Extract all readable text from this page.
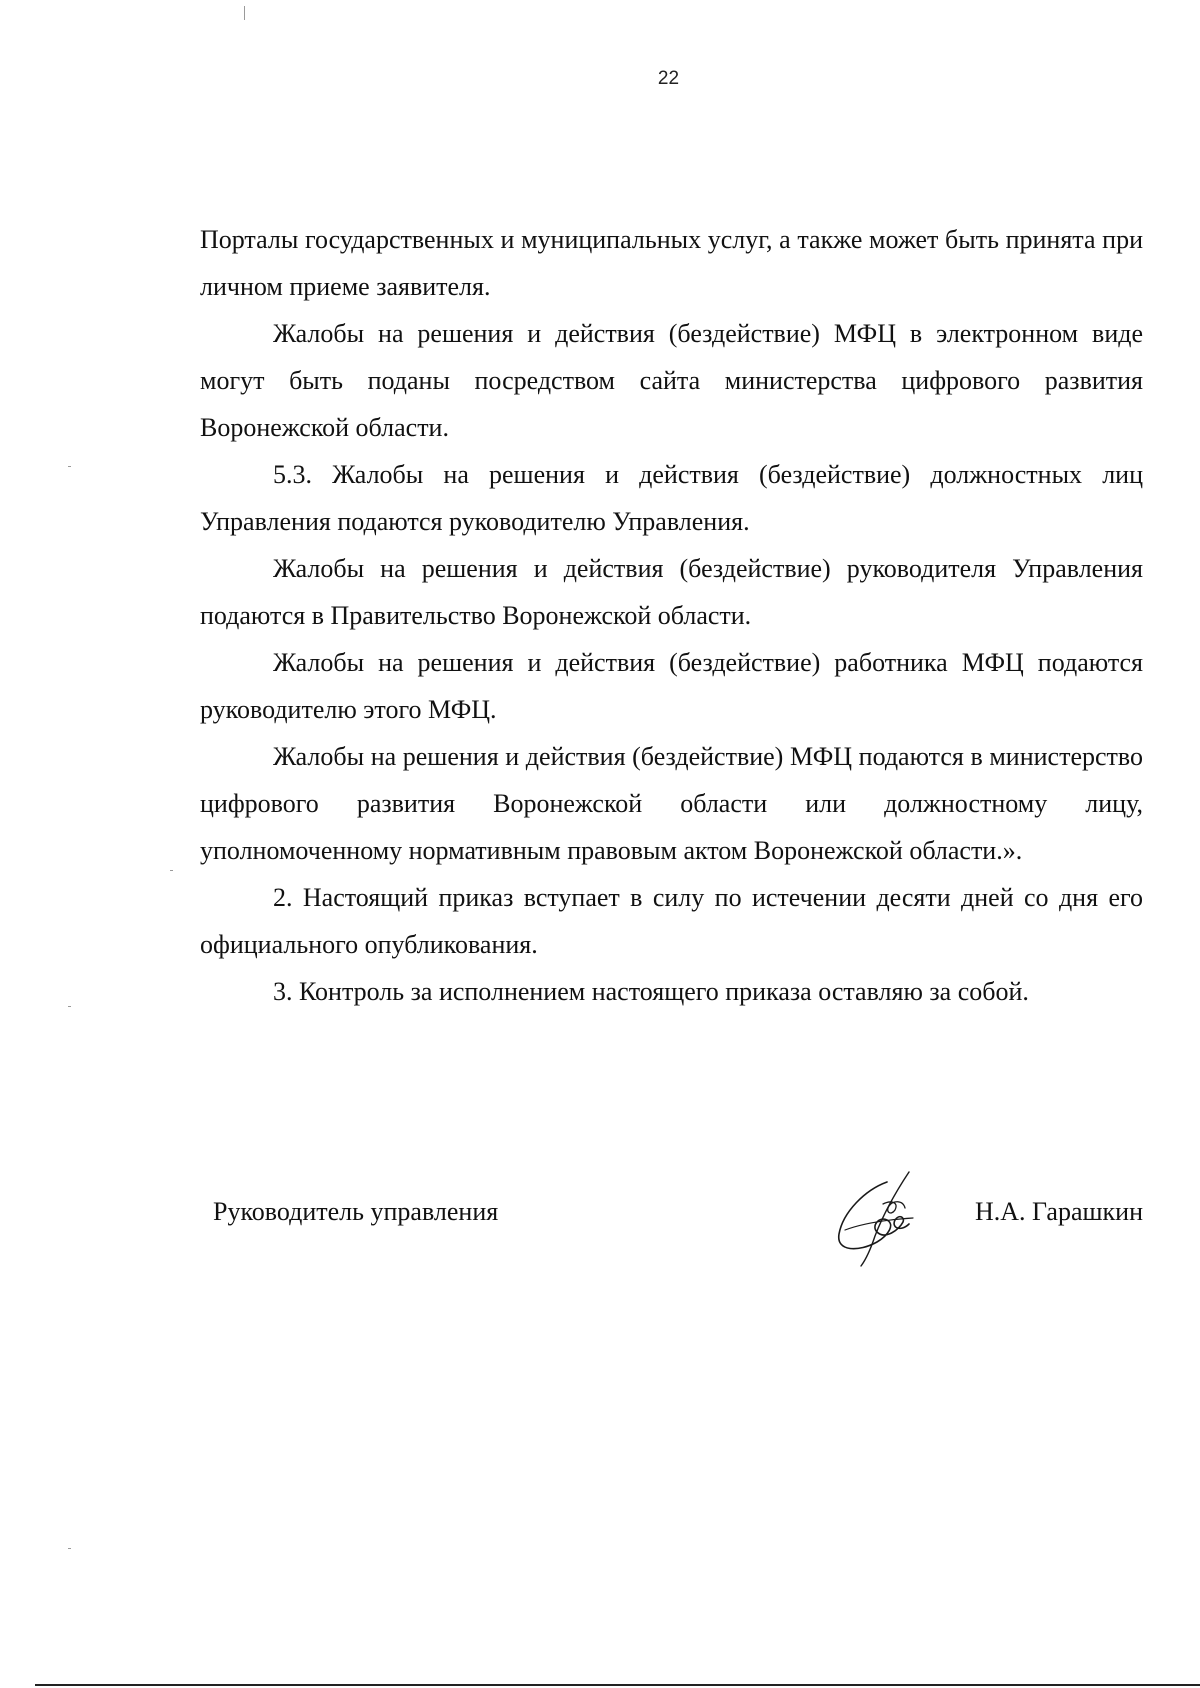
22

Порталы государственных и муниципальных услуг, а также может быть принята при личном приеме заявителя.

Жалобы на решения и действия (бездействие) МФЦ в электронном виде могут быть поданы посредством сайта министерства цифрового развития Воронежской области.

5.3. Жалобы на решения и действия (бездействие) должностных лиц Управления подаются руководителю Управления.

Жалобы на решения и действия (бездействие) руководителя Управления подаются в Правительство Воронежской области.

Жалобы на решения и действия (бездействие) работника МФЦ подаются руководителю этого МФЦ.

Жалобы на решения и действия (бездействие) МФЦ подаются в министерство цифрового развития Воронежской области или должностному лицу, уполномоченному нормативным правовым актом Воронежской области.».

2. Настоящий приказ вступает в силу по истечении десяти дней со дня его официального опубликования.

3. Контроль за исполнением настоящего приказа оставляю за собой.

Руководитель управления	Н.А. Гарашкин
